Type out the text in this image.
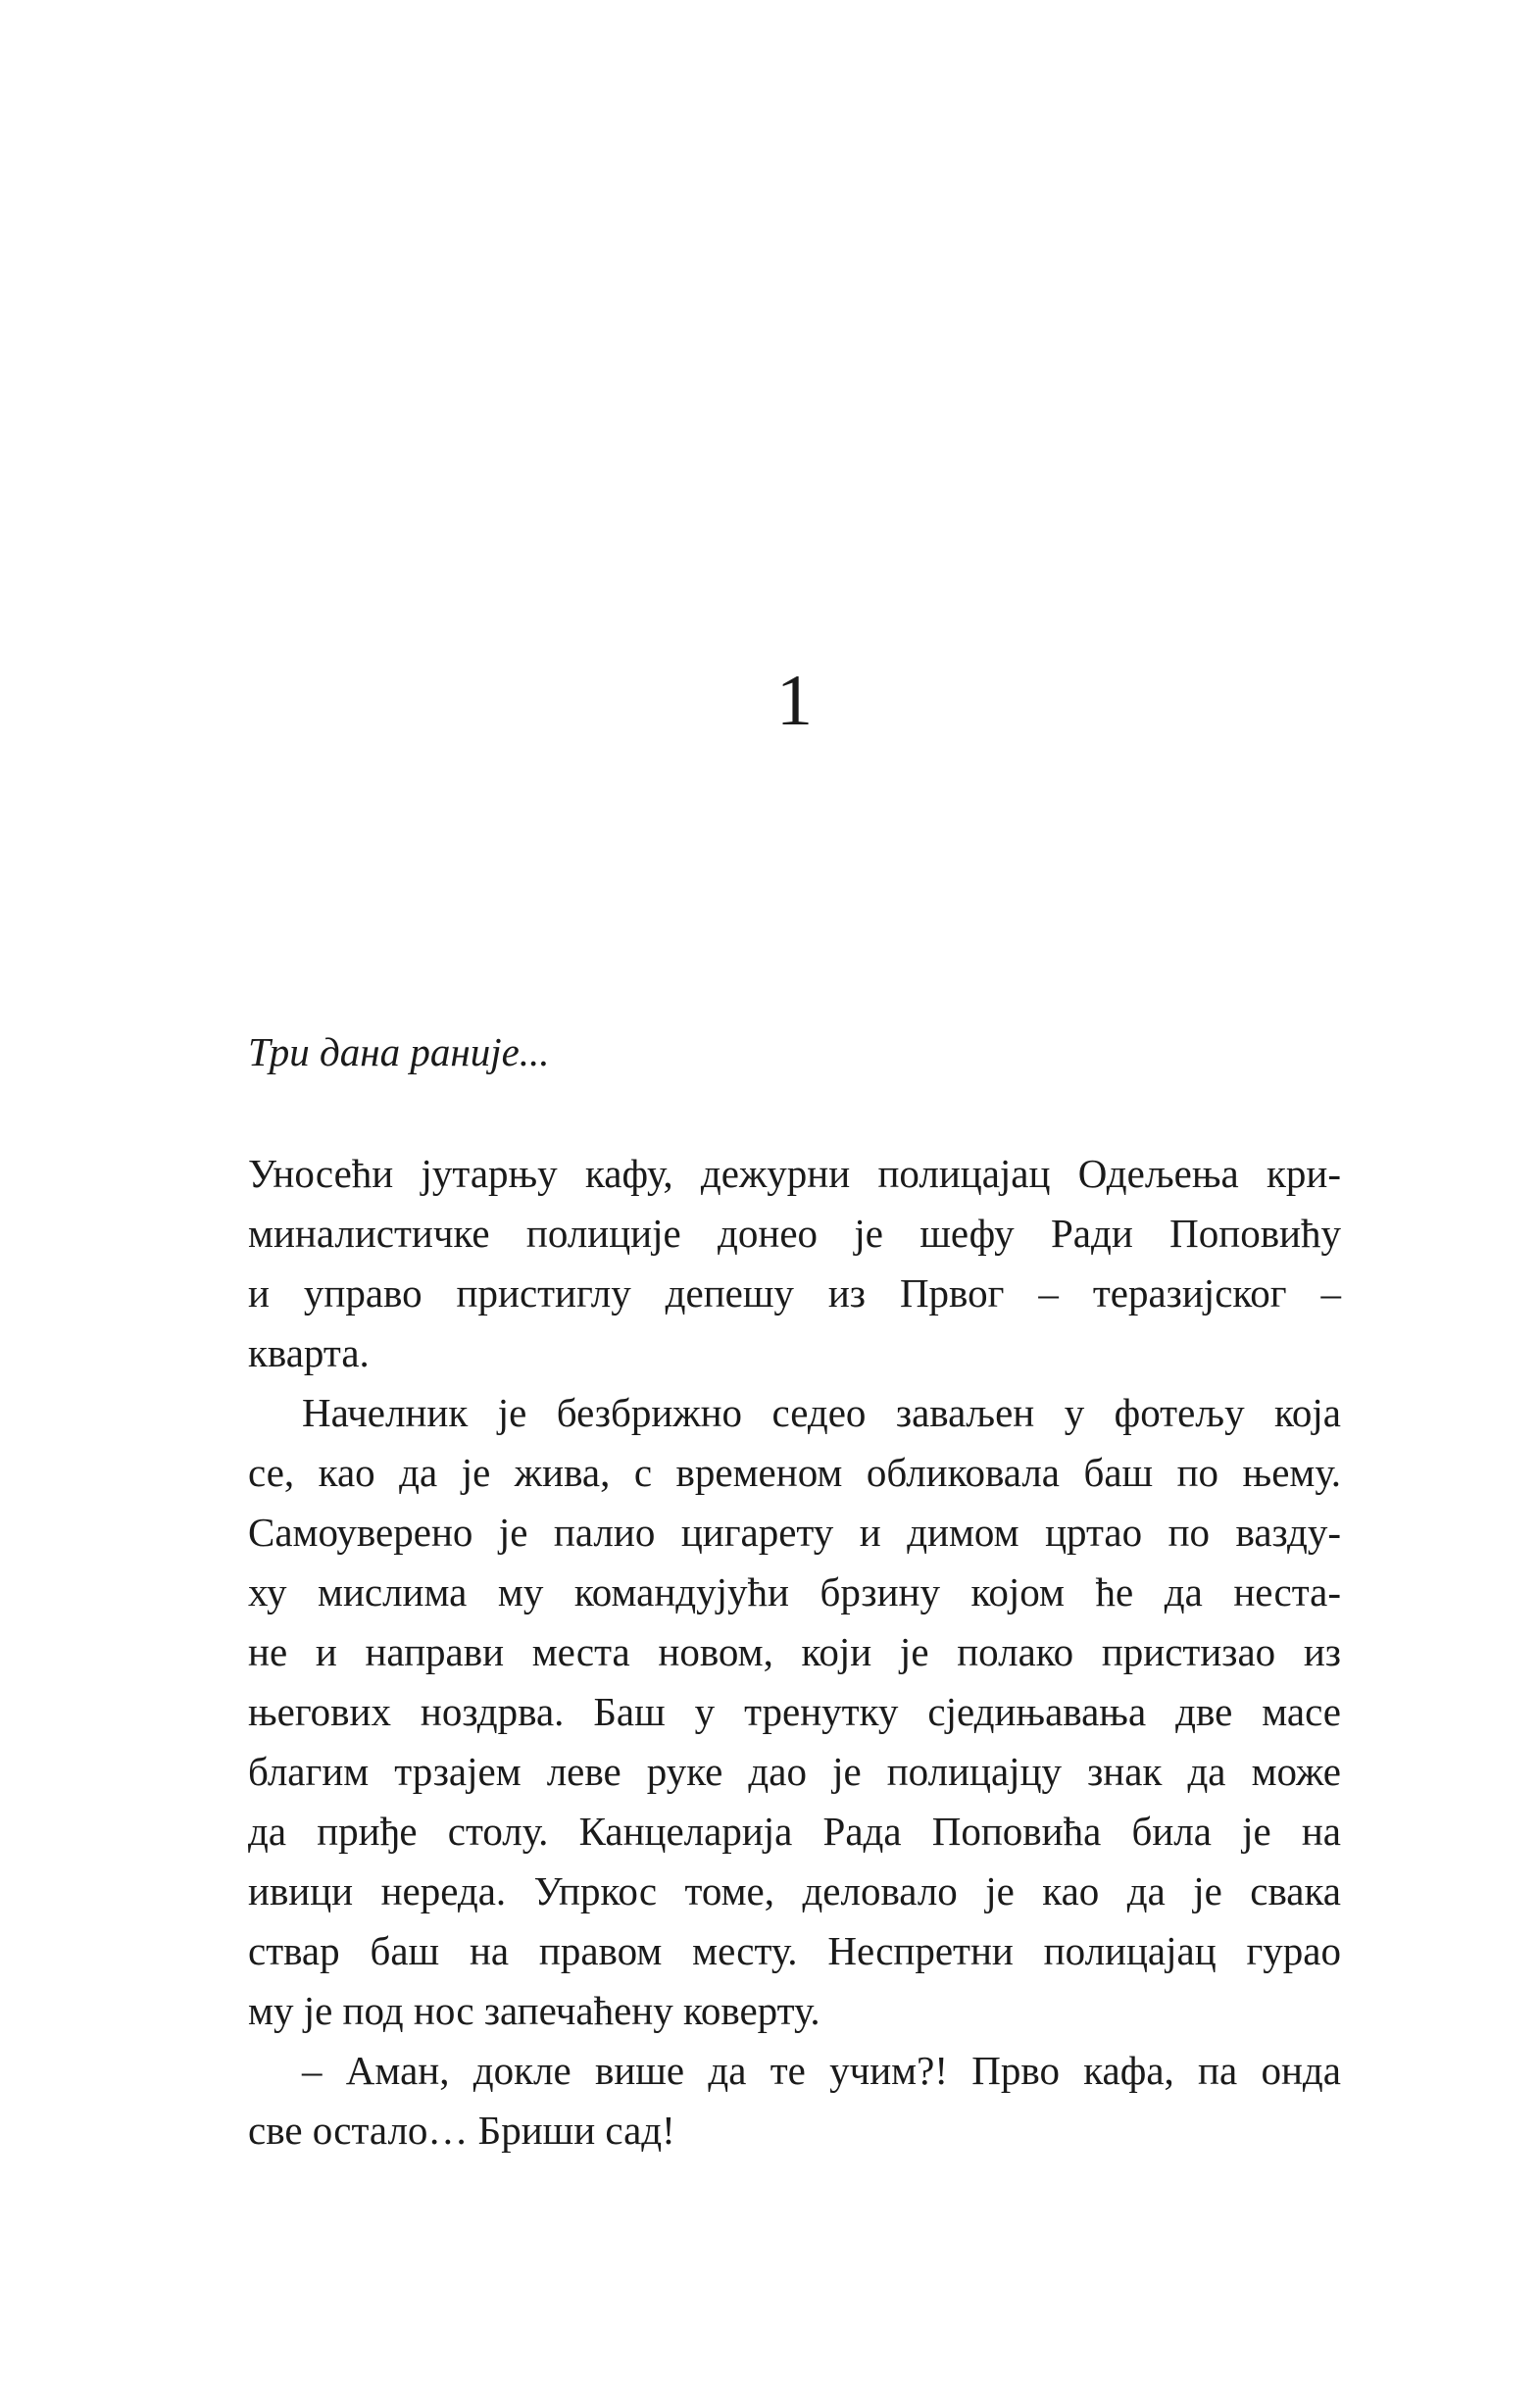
1
Три дана раније...
Уносећи јутарњу кафу, дежурни полицајац Одељења кри-
миналистичке полиције донео је шефу Ради Поповићу
и управо пристиглу депешу из Првог – теразијског –
кварта.
Начелник је безбрижно седео заваљен у фотељу која
се, као да је жива, с временом обликовала баш по њему.
Самоуверено је палио цигарету и димом цртао по вазду-
ху мислима му командујући брзину којом ће да неста-
не и направи места новом, који је полако пристизао из
његових ноздрва. Баш у тренутку сједињавања две масе
благим трзајем леве руке дао је полицајцу знак да може
да приђе столу. Канцеларија Рада Поповића била је на
ивици нереда. Упркос томе, деловало је као да је свака
ствар баш на правом месту. Неспретни полицајац гурао
му је под нос запечаћену коверту.
– Аман, докле више да те учим?! Прво кафа, па онда
све остало… Бриши сад!
